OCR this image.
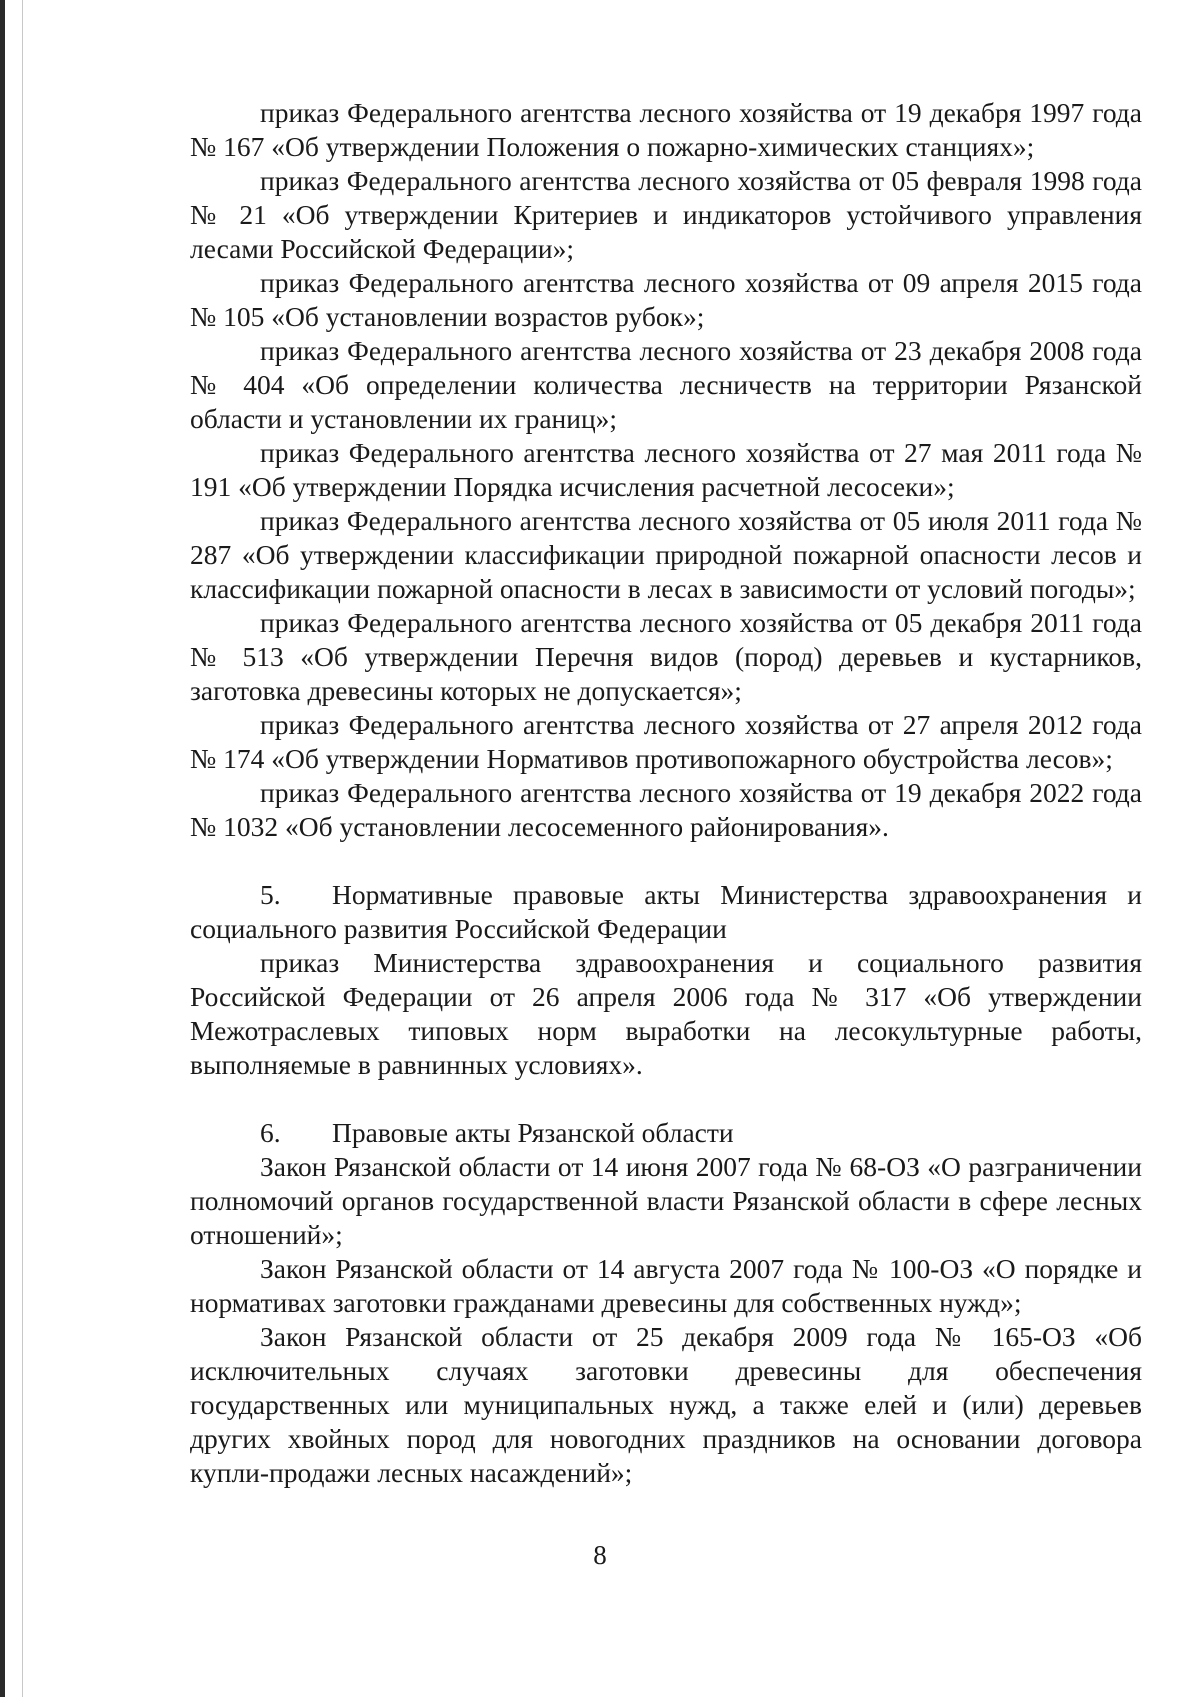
приказ Федерального агентства лесного хозяйства от 19 декабря 1997 года № 167 «Об утверждении Положения о пожарно-химических станциях»;

приказ Федерального агентства лесного хозяйства от 05 февраля 1998 года № 21 «Об утверждении Критериев и индикаторов устойчивого управления лесами Российской Федерации»;

приказ Федерального агентства лесного хозяйства от 09 апреля 2015 года № 105 «Об установлении возрастов рубок»;

приказ Федерального агентства лесного хозяйства от 23 декабря 2008 года № 404 «Об определении количества лесничеств на территории Рязанской области и установлении их границ»;

приказ Федерального агентства лесного хозяйства от 27 мая 2011 года № 191 «Об утверждении Порядка исчисления расчетной лесосеки»;

приказ Федерального агентства лесного хозяйства от 05 июля 2011 года № 287 «Об утверждении классификации природной пожарной опасности лесов и классификации пожарной опасности в лесах в зависимости от условий погоды»;

приказ Федерального агентства лесного хозяйства от 05 декабря 2011 года № 513 «Об утверждении Перечня видов (пород) деревьев и кустарников, заготовка древесины которых не допускается»;

приказ Федерального агентства лесного хозяйства от 27 апреля 2012 года № 174 «Об утверждении Нормативов противопожарного обустройства лесов»;

приказ Федерального агентства лесного хозяйства от 19 декабря 2022 года № 1032 «Об установлении лесосеменного районирования».

5. Нормативные правовые акты Министерства здравоохранения и социального развития Российской Федерации

приказ Министерства здравоохранения и социального развития Российской Федерации от 26 апреля 2006 года № 317 «Об утверждении Межотраслевых типовых норм выработки на лесокультурные работы, выполняемые в равнинных условиях».

6. Правовые акты Рязанской области

Закон Рязанской области от 14 июня 2007 года № 68-ОЗ «О разграничении полномочий органов государственной власти Рязанской области в сфере лесных отношений»;

Закон Рязанской области от 14 августа 2007 года № 100-ОЗ «О порядке и нормативах заготовки гражданами древесины для собственных нужд»;

Закон Рязанской области от 25 декабря 2009 года № 165-ОЗ «Об исключительных случаях заготовки древесины для обеспечения государственных или муниципальных нужд, а также елей и (или) деревьев других хвойных пород для новогодних праздников на основании договора купли-продажи лесных насаждений»;

8
